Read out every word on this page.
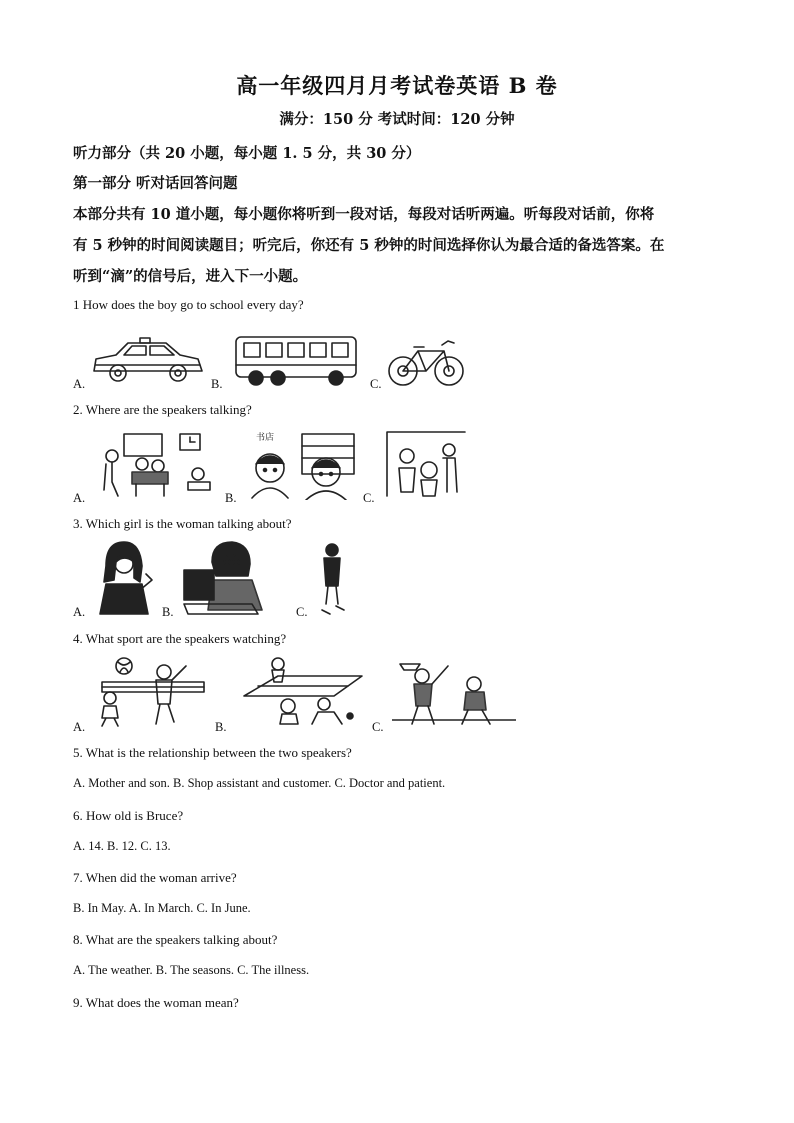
高一年级四月月考试卷英语 B 卷
满分：150 分 考试时间：120 分钟
听力部分（共 20 小题，每小题 1. 5 分，共 30 分）
第一部分 听对话回答问题
本部分共有 10 道小题，每小题你将听到一段对话，每段对话听两遍。听每段对话前，你将
有 5 秒钟的时间阅读题目；听完后，你还有 5 秒钟的时间选择你认为最合适的备选答案。在
听到“滴”的信号后，进入下一小题。
1 How does the boy go to school every day?
A.	B.	C.
2. Where are the speakers talking?
A.	B.
书店
C.
3. Which girl is the woman talking about?
A.	B.	C.
4. What sport are the speakers watching?
A.	B.	C.
5. What is the relationship between the two speakers?
A. Mother and son. B. Shop assistant and customer. C. Doctor and patient.
6. How old is Bruce?
A. 14. B. 12. C. 13.
7. When did the woman arrive?
B. In May. A. In March. C. In June.
8. What are the speakers talking about?
A. The weather. B. The seasons. C. The illness.
9. What does the woman mean?
